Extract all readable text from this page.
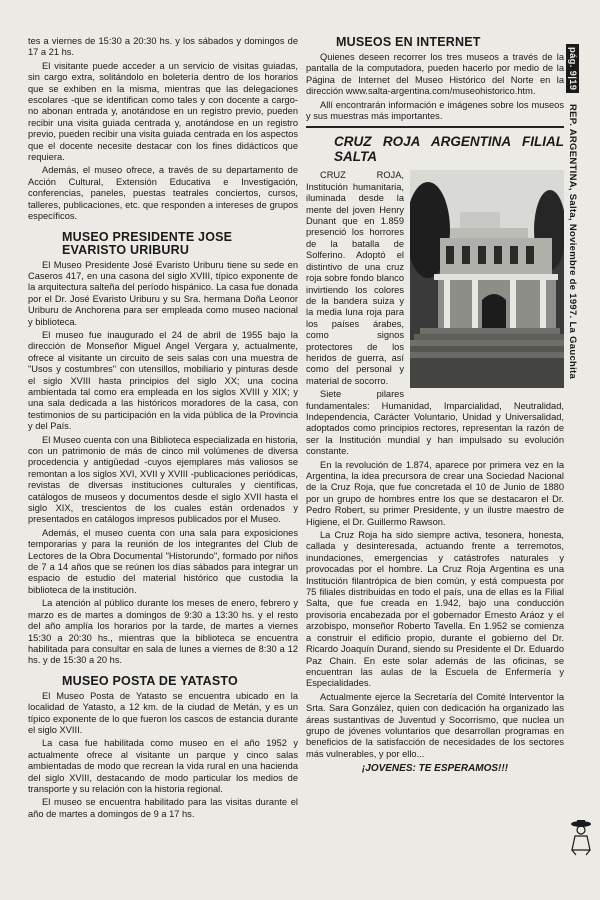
tes a viernes de 15:30 a 20:30 hs. y los sábados y domingos de 17 a 21 hs.

El visitante puede acceder a un servicio de visitas guiadas, sin cargo extra, solitándolo en boletería dentro de los horarios que se exhiben en la misma, mientras que las delegaciones escolares -que se identifican como tales y con docente a cargo- no abonan entrada y, anotándose en un registro previo, pueden recibir una visita guiada centrada y, anotándose en un registro previo, pueden recibir una visita guiada centrada en los aspectos que el docente necesite destacar con los fines didácticos que requiera.

Además, el museo ofrece, a través de su departamento de Acción Cultural, Extensión Educativa e Investigación, conferencias, paneles, puestas teatrales conciertos, cursos, talleres, publicaciones, etc. que responden a intereses de grupos específicos.

MUSEO PRESIDENTE JOSE EVARISTO URIBURU

El Museo Presidente José Evaristo Uriburu tiene su sede en Caseros 417, en una casona del siglo XVIII, típico exponente de la arquitectura salteña del período hispánico. La casa fue donada por el Dr. José Evaristo Uriburu y su Sra. hermana Doña Leonor Uriburu de Anchorena para ser empleada como museo nacional y biblioteca.

El museo fue inaugurado el 24 de abril de 1955 bajo la dirección de Monseñor Miguel Angel Vergara y, actualmente, ofrece al visitante un circuito de seis salas con una muestra de "Usos y costumbres" con utensillos, mobiliario y pinturas desde el siglo XVIII hasta principios del siglo XX; una cocina ambientada tal como era empleada en los siglos XVIII y XIX; y una sala dedicada a las históricos moradores de la casa, con testimonios de su participación en la vida pública de la Provincia y del País.

El Museo cuenta con una Biblioteca especializada en historia, con un patrimonio de más de cinco mil volúmenes de diversa procedencia y antigüedad -cuyos ejemplares más valiosos se remontan a los siglos XVI, XVII y XVIII -publicaciones periódicas, revistas de diversas instituciones culturales y científicas, catálogos de museos y documentos desde el siglo XVII hasta el siglo XIX, trescientos de los cuales están ordenados y presentados en catálogos impresos publicados por el Museo.

Además, el museo cuenta con una sala para exposiciones temporarias y para la reunión de los integrantes del Club de Lectores de la Obra Documental "Historundo", formado por niños de 7 a 14 años que se reúnen los días sábados para integrar un espacio de estudio del material histórico que custodia la biblioteca de la institución.

La atención al público durante los meses de enero, febrero y marzo es de martes a domingos de 9:30 a 13:30 hs. y el resto del año amplía los horarios por la tarde, de martes a viernes 15:30 a 20:30 hs., mientras que la biblioteca se encuentra habilitada para consultar en sala de lunes a viernes de 8:30 a 12 hs. y de 15:30 a 20 hs.

MUSEO POSTA DE YATASTO

El Museo Posta de Yatasto se encuentra ubicado en la localidad de Yatasto, a 12 km. de la ciudad de Metán, y es un típico exponente de lo que fueron los cascos de estancia durante el siglo XVIII.

La casa fue habilitada como museo en el año 1952 y actualmente ofrece al visitante un parque y cinco salas ambientadas de modo que recrean la vida rural en una hacienda del siglo XVIII, destacando de modo particular los medios de transporte y su relación con la historia regional.

El museo se encuentra habilitado para las visitas durante el año de martes a domingos de 9 a 17 hs.

MUSEOS EN INTERNET

Quienes deseen recorrer los tres museos a través de la pantalla de la computadora, pueden hacerlo por medio de la Página de Internet del Museo Histórico del Norte en la dirección www.salta-argentina.com/museohistorico.htm.

Allí encontrarán información e imágenes sobre los museos y sus muestras más importantes.

CRUZ ROJA ARGENTINA FILIAL SALTA

CRUZ ROJA, Institución humanitaria, iluminada desde la mente del joven Henry Dunant que en 1.859 presenció los horrores de la batalla de Solferino. Adoptó el distintivo de una cruz roja sobre fondo blanco invirtiendo los colores de la bandera suiza y la media luna roja para los países árabes, como signos protectores de los heridos de guerra, así como del personal y material de socorro.

Siete pilares fundamentales: Humanidad, Imparcialidad, Neutralidad, Independencia, Carácter Voluntario, Unidad y Universalidad, adoptados como principios rectores, representan la razón de ser la Institución mundial y han impulsado su evolución constante.

En la revolución de 1.874, aparece por primera vez en la Argentina, la idea precursora de crear una Sociedad Nacional de la Cruz Roja, que fue concretada el 10 de Junio de 1880 por un grupo de hombres entre los que se destacaron el Dr. Pedro Robert, su primer Presidente, y un ilustre maestro de Higiene, el Dr. Guillermo Rawson.

La Cruz Roja ha sido siempre activa, tesonera, honesta, callada y desinteresada, actuando frente a terremotos, inundaciones, emergencias y catástrofes naturales y provocadas por el hombre. La Cruz Roja Argentina es una Institución filantrópica de bien común, y está compuesta por 75 filiales distribuidas en todo el país, una de ellas es la Filial Salta, que fue creada en 1.942, bajo una conducción provisoria encabezada por el gobernador Ernesto Aráoz y el arzobispo, monseñor Roberto Tavella. En 1.952 se comienza a construir el edificio propio, durante el gobierno del Dr. Ricardo Joaquín Durand, siendo su Presidente el Dr. Eduardo Paz Chain. En este solar además de las oficinas, se encuentran las aulas de la Escuela de Enfermería y Especialidades.

Actualmente ejerce la Secretaría del Comité Interventor la Srta. Sara González, quien con dedicación ha organizado las áreas sustantivas de Juventud y Socorrismo, que nuclea un grupo de jóvenes voluntarios que desarrollan programas en beneficios de la satisfacción de necesidades de los sectores más vulnerables, y por ello...

¡JOVENES: TE ESPERAMOS!!!

pág. 9|19 REP. ARGENTINA, Salta, Noviembre de 1997. La Gauchita
